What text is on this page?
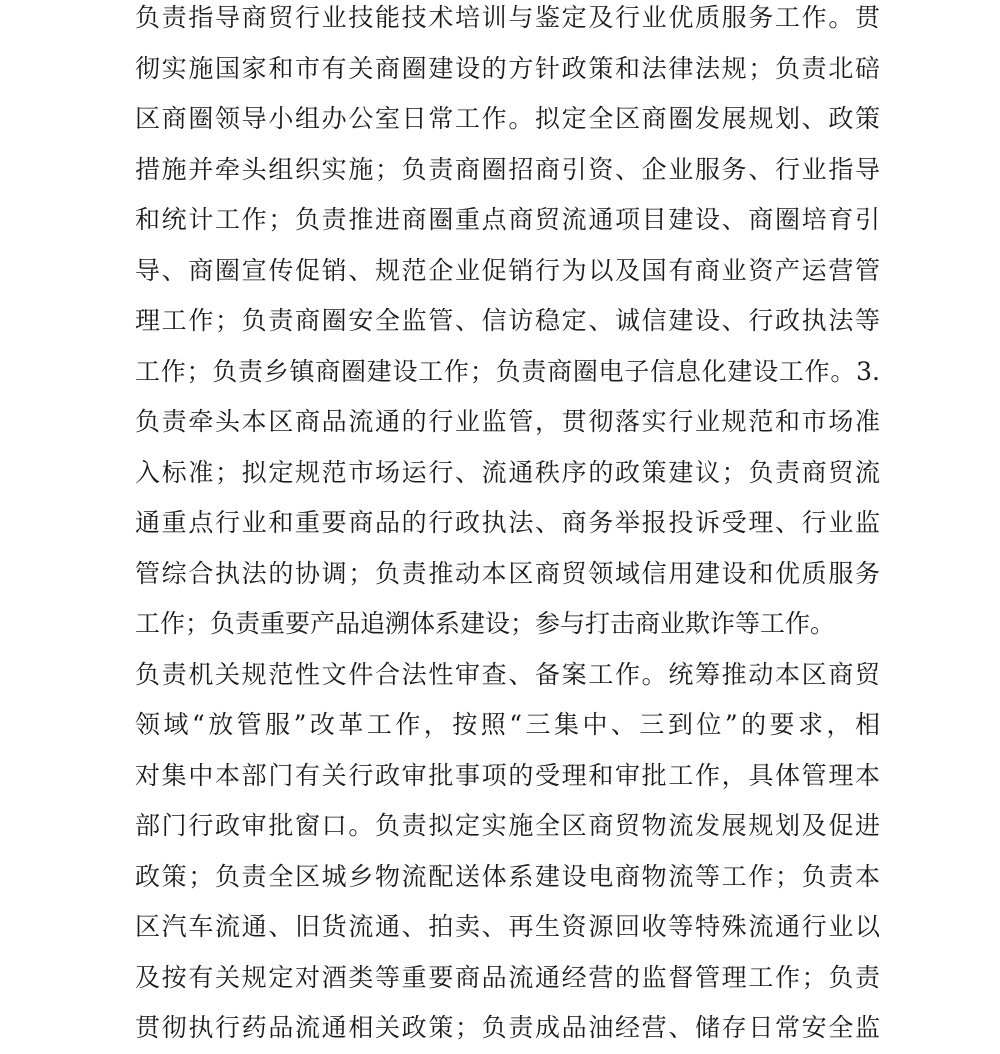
负责指导商贸行业技能技术培训与鉴定及行业优质服务工作。贯
彻实施国家和市有关商圈建设的方针政策和法律法规；负责北碚
区商圈领导小组办公室日常工作。拟定全区商圈发展规划、政策
措施并牵头组织实施；负责商圈招商引资、企业服务、行业指导
和统计工作；负责推进商圈重点商贸流通项目建设、商圈培育引
导、商圈宣传促销、规范企业促销行为以及国有商业资产运营管
理工作；负责商圈安全监管、信访稳定、诚信建设、行政执法等
工作；负责乡镇商圈建设工作；负责商圈电子信息化建设工作。3.
负责牵头本区商品流通的行业监管，贯彻落实行业规范和市场准
入标准；拟定规范市场运行、流通秩序的政策建议；负责商贸流
通重点行业和重要商品的行政执法、商务举报投诉受理、行业监
管综合执法的协调；负责推动本区商贸领域信用建设和优质服务
工作；负责重要产品追溯体系建设；参与打击商业欺诈等工作。
负责机关规范性文件合法性审查、备案工作。统筹推动本区商贸
领域“放管服”改革工作，按照“三集中、三到位”的要求，相
对集中本部门有关行政审批事项的受理和审批工作，具体管理本
部门行政审批窗口。负责拟定实施全区商贸物流发展规划及促进
政策；负责全区城乡物流配送体系建设电商物流等工作；负责本
区汽车流通、旧货流通、拍卖、再生资源回收等特殊流通行业以
及按有关规定对酒类等重要商品流通经营的监督管理工作；负责
贯彻执行药品流通相关政策；负责成品油经营、储存日常安全监
